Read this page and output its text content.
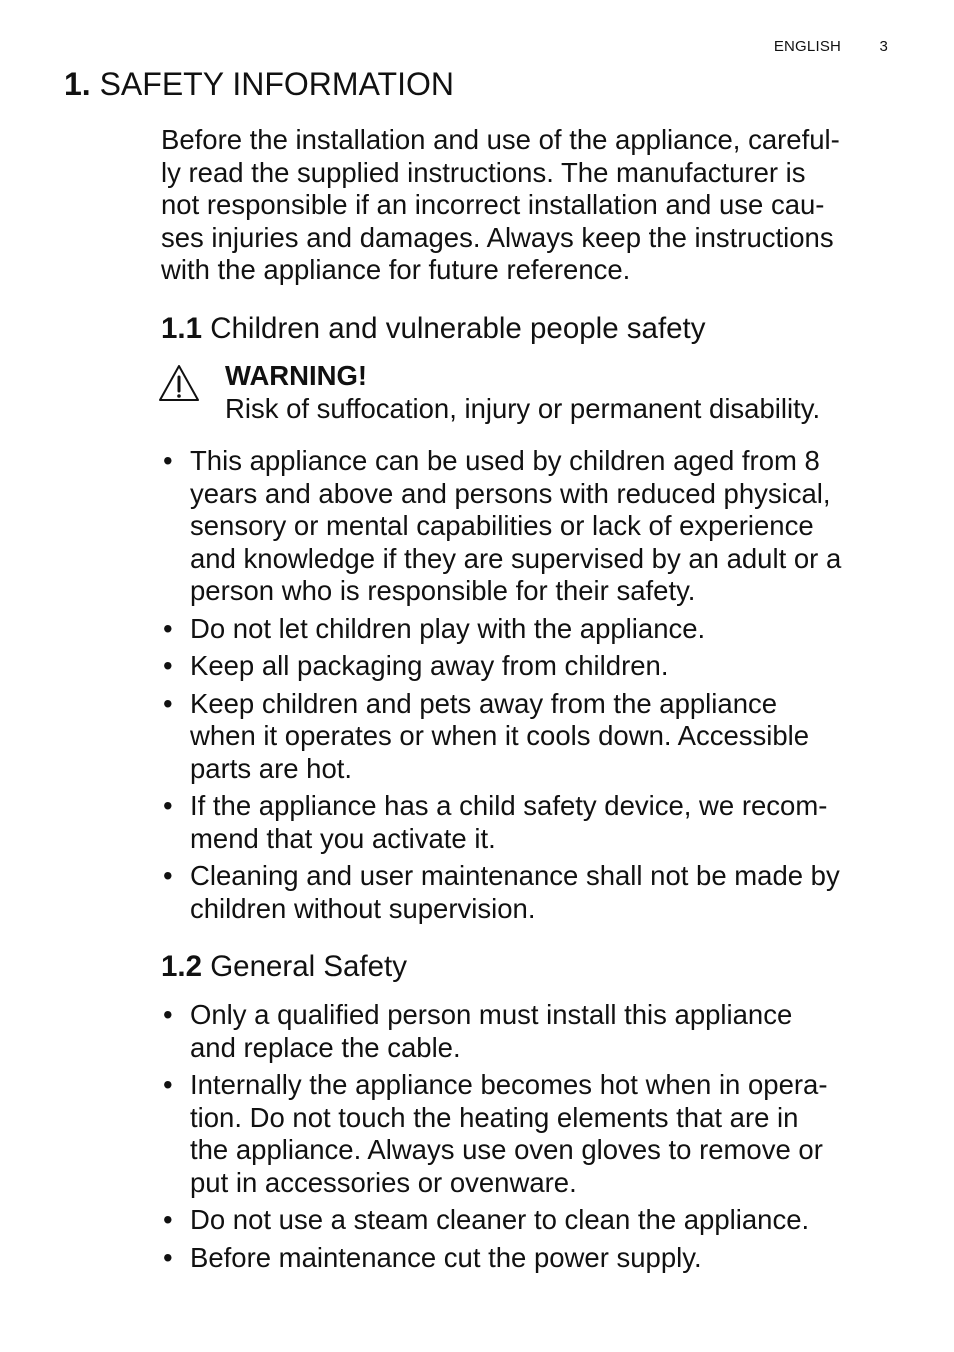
ENGLISH	3
1. SAFETY INFORMATION
Before the installation and use of the appliance, careful-
ly read the supplied instructions. The manufacturer is
not responsible if an incorrect installation and use cau-
ses injuries and damages. Always keep the instructions
with the appliance for future reference.
1.1 Children and vulnerable people safety
WARNING!
Risk of suffocation, injury or permanent disability.
• This appliance can be used by children aged from 8
years and above and persons with reduced physical,
sensory or mental capabilities or lack of experience
and knowledge if they are supervised by an adult or a
person who is responsible for their safety.
• Do not let children play with the appliance.
• Keep all packaging away from children.
• Keep children and pets away from the appliance
when it operates or when it cools down. Accessible
parts are hot.
• If the appliance has a child safety device, we recom-
mend that you activate it.
• Cleaning and user maintenance shall not be made by
children without supervision.
1.2 General Safety
• Only a qualified person must install this appliance
and replace the cable.
• Internally the appliance becomes hot when in opera-
tion. Do not touch the heating elements that are in
the appliance. Always use oven gloves to remove or
put in accessories or ovenware.
• Do not use a steam cleaner to clean the appliance.
• Before maintenance cut the power supply.
